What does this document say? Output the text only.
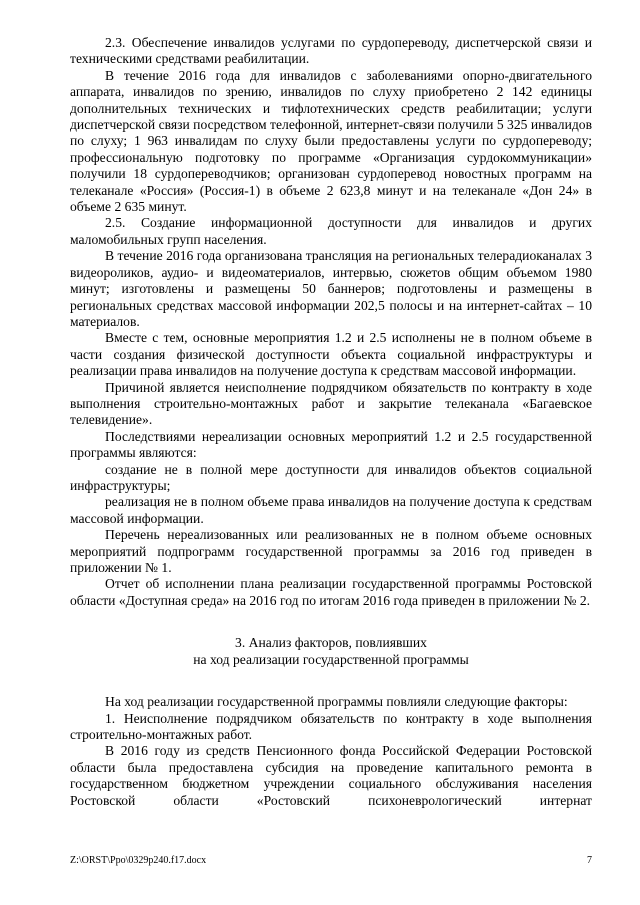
2.3. Обеспечение инвалидов услугами по сурдопереводу, диспетчерской связи и техническими средствами реабилитации.

В течение 2016 года для инвалидов с заболеваниями опорно-двигательного аппарата, инвалидов по зрению, инвалидов по слуху приобретено 2 142 единицы дополнительных технических и тифлотехнических средств реабилитации; услуги диспетчерской связи посредством телефонной, интернет-связи получили 5 325 инвалидов по слуху; 1 963 инвалидам по слуху были предоставлены услуги по сурдопереводу; профессиональную подготовку по программе «Организация сурдокоммуникации» получили 18 сурдопереводчиков; организован сурдоперевод новостных программ на телеканале «Россия» (Россия-1) в объеме 2 623,8 минут и на телеканале «Дон 24» в объеме 2 635 минут.

2.5. Создание информационной доступности для инвалидов и других маломобильных групп населения.

В течение 2016 года организована трансляция на региональных телерадиоканалах 3 видеороликов, аудио- и видеоматериалов, интервью, сюжетов общим объемом 1980 минут; изготовлены и размещены 50 баннеров; подготовлены и размещены в региональных средствах массовой информации 202,5 полосы и на интернет-сайтах – 10 материалов.

Вместе с тем, основные мероприятия 1.2 и 2.5 исполнены не в полном объеме в части создания физической доступности объекта социальной инфраструктуры и реализации права инвалидов на получение доступа к средствам массовой информации.

Причиной является неисполнение подрядчиком обязательств по контракту в ходе выполнения строительно-монтажных работ и закрытие телеканала «Багаевское телевидение».

Последствиями нереализации основных мероприятий 1.2 и 2.5 государственной программы являются:

создание не в полной мере доступности для инвалидов объектов социальной инфраструктуры;

реализация не в полном объеме права инвалидов на получение доступа к средствам массовой информации.

Перечень нереализованных или реализованных не в полном объеме основных мероприятий подпрограмм государственной программы за 2016 год приведен в приложении № 1.

Отчет об исполнении плана реализации государственной программы Ростовской области «Доступная среда» на 2016 год по итогам 2016 года приведен в приложении № 2.

3. Анализ факторов, повлиявших
на ход реализации государственной программы

На ход реализации государственной программы повлияли следующие факторы:

1. Неисполнение подрядчиком обязательств по контракту в ходе выполнения строительно-монтажных работ.

В 2016 году из средств Пенсионного фонда Российской Федерации Ростовской области была предоставлена субсидия на проведение капитального ремонта в государственном бюджетном учреждении социального обслуживания населения Ростовской области «Ростовский психоневрологический интернат

Z:\ORST\Ppo\0329p240.f17.docx	7
